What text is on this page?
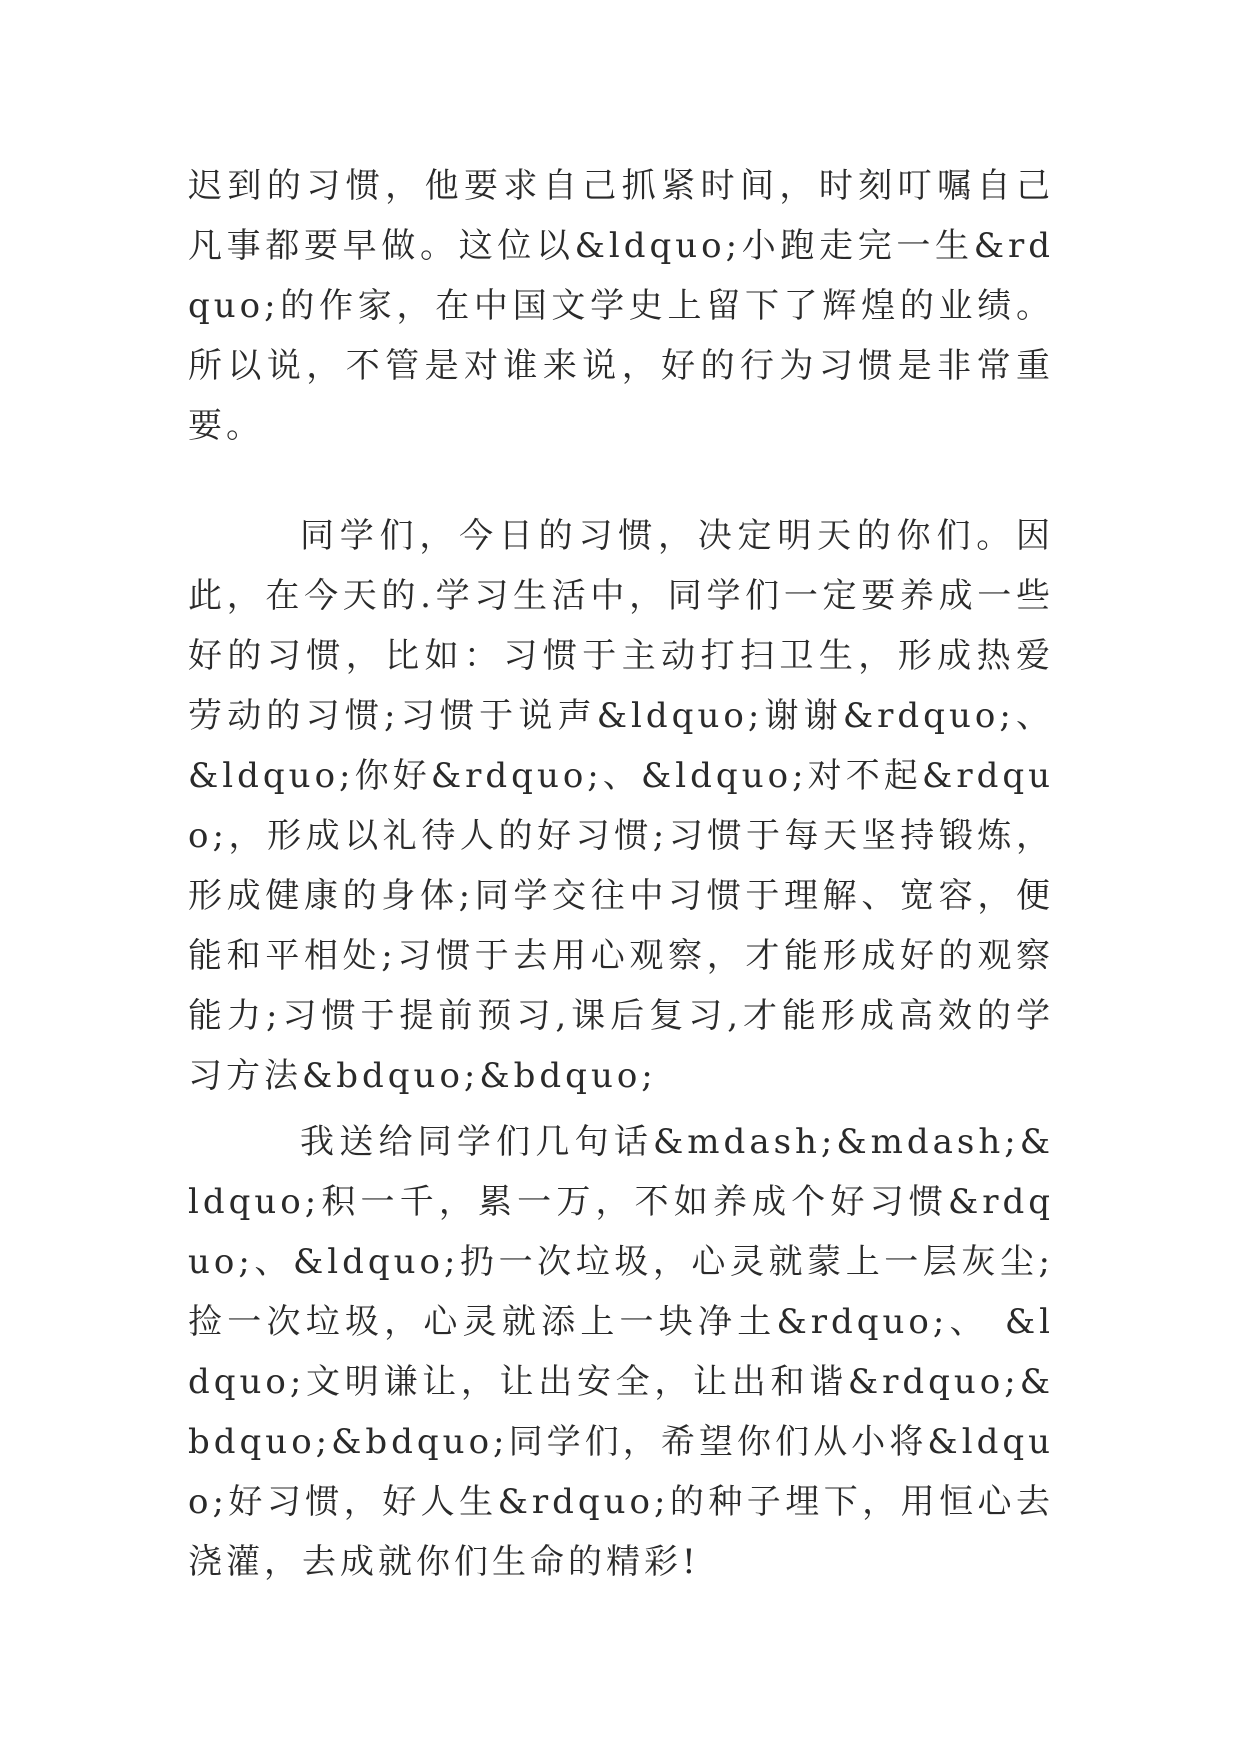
迟到的习惯，他要求自己抓紧时间，时刻叮嘱自己凡事都要早做。这位以&ldquo;小跑走完一生&rdquo;的作家，在中国文学史上留下了辉煌的业绩。所以说，不管是对谁来说，好的行为习惯是非常重要。

同学们，今日的习惯，决定明天的你们。因此，在今天的.学习生活中，同学们一定要养成一些好的习惯，比如：习惯于主动打扫卫生，形成热爱劳动的习惯;习惯于说声&ldquo;谢谢&rdquo;、&ldquo;你好&rdquo;、&ldquo;对不起&rdquo;，形成以礼待人的好习惯;习惯于每天坚持锻炼，形成健康的身体;同学交往中习惯于理解、宽容，便能和平相处;习惯于去用心观察，才能形成好的观察能力;习惯于提前预习,课后复习,才能形成高效的学习方法&bdquo;&bdquo;

我送给同学们几句话&mdash;&mdash;&ldquo;积一千，累一万，不如养成个好习惯&rdquo;、&ldquo;扔一次垃圾，心灵就蒙上一层灰尘;捡一次垃圾，心灵就添上一块净土&rdquo;、 &ldquo;文明谦让，让出安全，让出和谐&rdquo;&bdquo;&bdquo;同学们，希望你们从小将&ldquo;好习惯，好人生&rdquo;的种子埋下，用恒心去浇灌，去成就你们生命的精彩!
